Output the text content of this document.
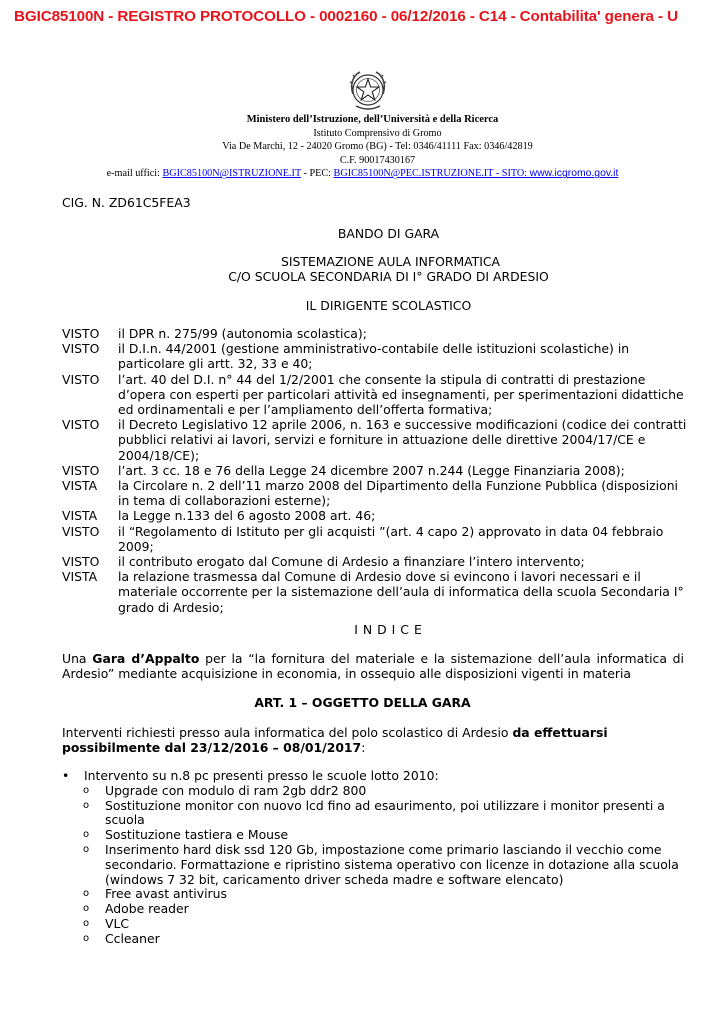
BGIC85100N - REGISTRO PROTOCOLLO - 0002160 - 06/12/2016 - C14 - Contabilita' genera - U
Ministero dell’Istruzione, dell’Università e della Ricerca
Istituto Comprensivo di Gromo
Via De Marchi, 12 - 24020 Gromo (BG) - Tel: 0346/41111 Fax: 0346/42819
C.F. 90017430167
e-mail uffici: BGIC85100N@ISTRUZIONE.IT - PEC: BGIC85100N@PEC.ISTRUZIONE.IT - SITO: www.icgromo.gov.it
CIG. N. ZD61C5FEA3
BANDO DI GARA
SISTEMAZIONE AULA INFORMATICA
C/O SCUOLA SECONDARIA DI I° GRADO DI ARDESIO
IL DIRIGENTE SCOLASTICO
VISTO	il DPR n. 275/99 (autonomia scolastica);
VISTO	il D.I.n. 44/2001 (gestione amministrativo-contabile delle istituzioni scolastiche) in particolare gli artt. 32, 33 e 40;
VISTO	l’art. 40 del D.I. n° 44 del 1/2/2001 che consente la stipula di contratti di prestazione d’opera con esperti per particolari attività ed insegnamenti, per sperimentazioni didattiche ed ordinamentali e per l’ampliamento dell’offerta formativa;
VISTO	il Decreto Legislativo 12 aprile 2006, n. 163 e successive modificazioni (codice dei contratti pubblici relativi ai lavori, servizi e forniture in attuazione delle direttive 2004/17/CE e 2004/18/CE);
VISTO	l’art. 3 cc. 18 e 76 della Legge 24 dicembre 2007 n.244 (Legge Finanziaria 2008);
VISTA	la Circolare n. 2 dell’11 marzo 2008 del Dipartimento della Funzione Pubblica (disposizioni in tema di collaborazioni esterne);
VISTA	la Legge n.133 del 6 agosto 2008 art. 46;
VISTO	il “Regolamento di Istituto per gli acquisti ”(art. 4 capo 2) approvato in data 04 febbraio 2009;
VISTO	il contributo erogato dal Comune di Ardesio a finanziare l’intero intervento;
VISTA	la relazione trasmessa dal Comune di Ardesio dove si evincono i lavori necessari e il materiale occorrente per la sistemazione dell’aula di informatica della scuola Secondaria I° grado di Ardesio;
INDICE
Una Gara d’Appalto per la “la fornitura del materiale e la sistemazione dell’aula informatica di Ardesio” mediante acquisizione in economia, in ossequio alle disposizioni vigenti in materia
ART. 1 – OGGETTO DELLA GARA
Interventi richiesti presso aula informatica del polo scolastico di Ardesio da effettuarsi possibilmente dal 23/12/2016 – 08/01/2017:
•	Intervento su n.8 pc presenti presso le scuole lotto 2010:
o	Upgrade con modulo di ram 2gb ddr2 800
o	Sostituzione monitor con nuovo lcd fino ad esaurimento, poi utilizzare i monitor presenti a scuola
o	Sostituzione tastiera e Mouse
o	Inserimento hard disk ssd 120 Gb, impostazione come primario lasciando il vecchio come secondario. Formattazione e ripristino sistema operativo con licenze in dotazione alla scuola (windows 7 32 bit, caricamento driver scheda madre e software elencato)
o	Free avast antivirus
o	Adobe reader
o	VLC
o	Ccleaner
